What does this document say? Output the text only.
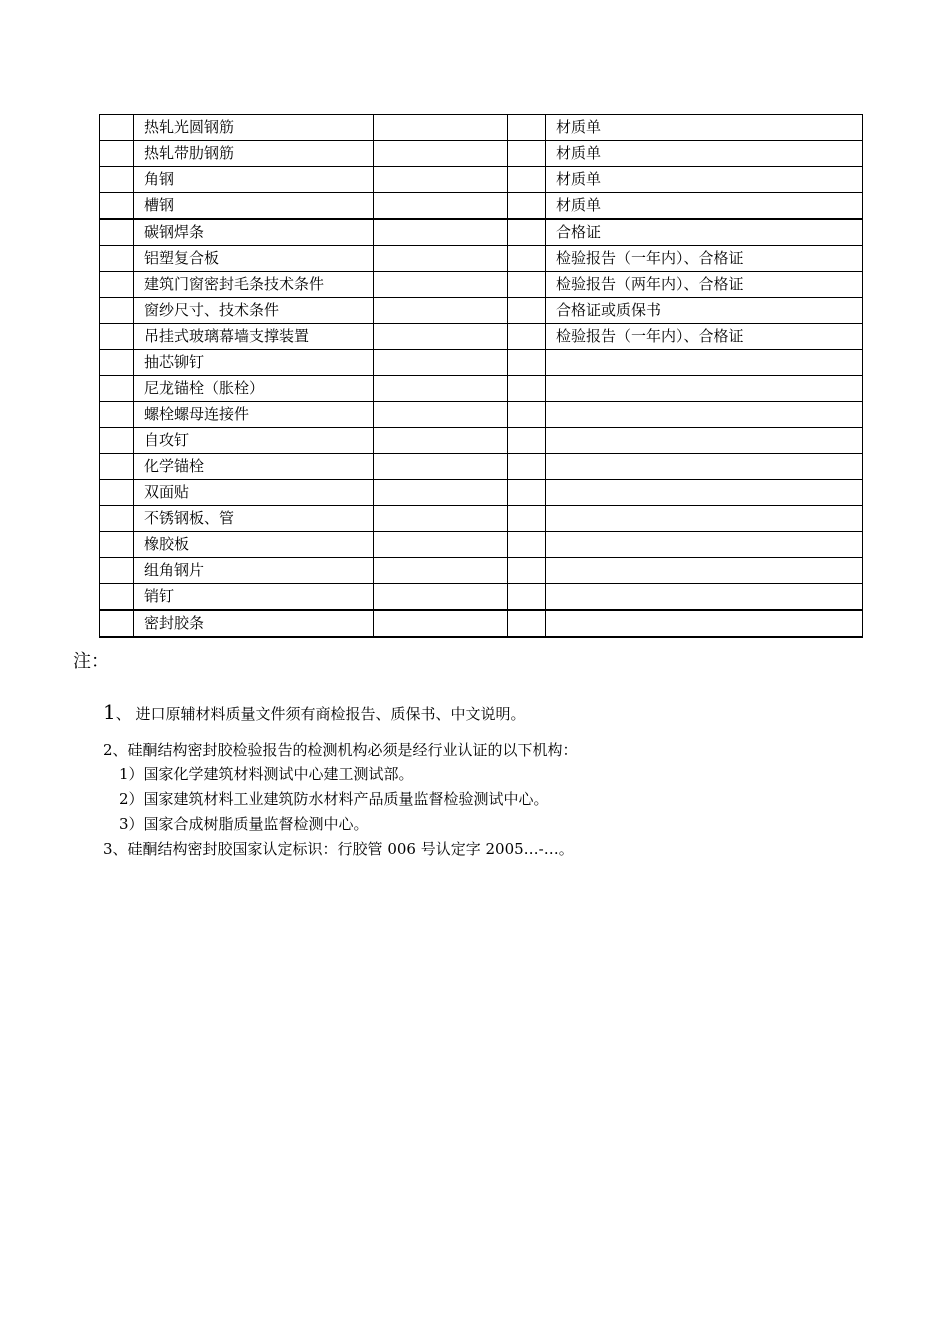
	热轧光圆钢筋			材质单
	热轧带肋钢筋			材质单
	角钢			材质单
	槽钢			材质单
	碳钢焊条			合格证
	铝塑复合板			检验报告（一年内）、合格证
	建筑门窗密封毛条技术条件			检验报告（两年内）、合格证
	窗纱尺寸、技术条件			合格证或质保书
	吊挂式玻璃幕墙支撑装置			检验报告（一年内）、合格证
	抽芯铆钉			
	尼龙锚栓（胀栓）			
	螺栓螺母连接件			
	自攻钉			
	化学锚栓			
	双面贴			
	不锈钢板、管			
	橡胶板			
	组角钢片			
	销钉			
	密封胶条			
注：
1、 进口原辅材料质量文件须有商检报告、质保书、中文说明。
2、硅酮结构密封胶检验报告的检测机构必须是经行业认证的以下机构：
1）国家化学建筑材料测试中心建工测试部。
2）国家建筑材料工业建筑防水材料产品质量监督检验测试中心。
3）国家合成树脂质量监督检测中心。
3、硅酮结构密封胶国家认定标识：行胶管 006 号认定字 2005…-…。
